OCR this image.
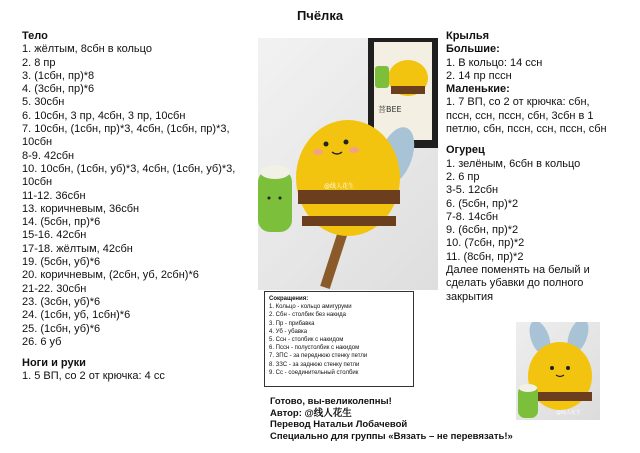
Пчёлка
Тело
1. жёлтым, 8сбн в кольцо
2. 8 пр
3. (1сбн, пр)*8
4. (3сбн, пр)*6
5. 30сбн
6. 10сбн, 3 пр, 4сбн, 3 пр, 10сбн
7. 10сбн, (1сбн, пр)*3, 4сбн, (1сбн, пр)*3,
10сбн
8-9. 42сбн
10. 10сбн, (1сбн, уб)*3, 4сбн, (1сбн, уб)*3,
10сбн
11-12. 36сбн
13. коричневым, 36сбн
14. (5сбн, пр)*6
15-16. 42сбн
17-18. жёлтым, 42сбн
19. (5сбн, уб)*6
20. коричневым, (2сбн, уб, 2сбн)*6
21-22. 30сбн
23. (3сбн, уб)*6
24. (1сбн, уб, 1сбн)*6
25. (1сбн, уб)*6
26. 6 уб
Ноги и руки
1. 5 ВП, со 2 от крючка: 4 сс
Крылья
Большие:
1. В кольцо: 14 ссн
2. 14 пр пссн
Маленькие:
1. 7 ВП, со 2 от крючка: сбн,
пссн, ссн, пссн, сбн, 3сбн в 1
петлю, сбн, пссн, ссн, пссн, сбн
Огурец
1. зелёным, 6сбн в кольцо
2. 6 пр
3-5. 12сбн
6. (5сбн, пр)*2
7-8. 14сбн
9. (6сбн, пр)*2
10. (7сбн, пр)*2
11. (8сбн, пр)*2
Далее поменять на белый и
сделать убавки до полного
закрытия
菩BEE
@线人花生
Сокращения:
1. Кольцо - кольцо амигуруми
2. Сбн - столбик без накида
3. Пр - прибавка
4. Уб - убавка
5. Ссн - столбик с накидом
6. Пссн - полустолбик с накидом
7. ЗПС - за переднюю стенку петли
8. ЗЗС - за заднюю стенку петли
9. Сс - соединительный столбик
Готово, вы-великолепны!
Автор: @线人花生
Перевод Натальи Лобачевой
Специально для группы «Вязать – не перевязать!»
@线人花生
